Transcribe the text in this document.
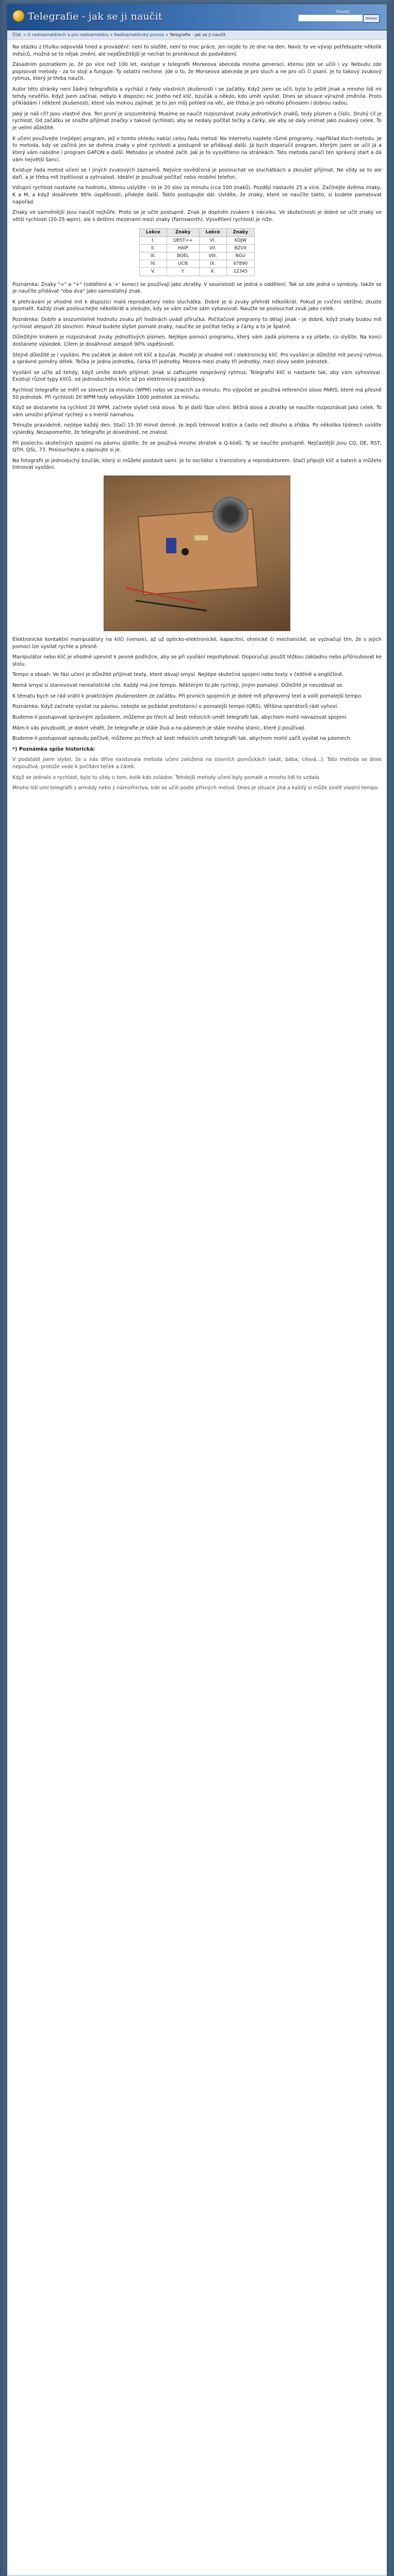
Telegrafie - jak se ji naučit	Hledat
Hledat
Číst: » O radioamatérech a pro radioamatéry » Radioamatérský provoz » Telegrafie - jak se ji naučit

Na otázku z titulku odpovídá hned a provádění: není to složité, není to moc práce, jen nejde to ze dne na den. Navíc to ve vývoji potřebujete několik měsíců, možná se to nějak změní, ale nejdůležitější je nechat to proniknout do podvědomí.

Zásadním poznatkem je, že po více než 100 let, existuje v telegrafii Morseova abeceda mnoha generací, kterou jste se učili i vy. Nebudu zde popisovat metody - za to stojí a funguje. Ty ostatní nechme. Jde o to, že Morseova abeceda je pro sluch a ne pro oči či psaní. Je to takový zvukový rytmus, který je třeba naučit.

Autor této stránky není žádný telegrafista a vychází z řady vlastních zkušeností i se začátky. Když jsem se učil, bylo to ještě jinak a mnoho lidí mi tehdy nevěřilo. Když jsem začínal, nebylo k dispozici nic jiného než klíč, bzučák a někdo, kdo uměl vysílat. Dnes se situace výrazně změnila. Proto přikládám i některé zkušenosti, které vás mohou zajímat. Je to jen můj pohled na věc, ale třeba je pro někoho přínosem i dobrou radou.

Jaký je náš cíl? Jsou vlastně dva. Ten první je srozumitelný. Musíme se naučit rozpoznávat zvuky jednotlivých znaků, tedy písmen a číslic. Druhý cíl je rychlost. Od začátku se snažte přijímat značky v takové rychlosti, aby se nedaly počítat tečky a čárky, ale aby se daly vnímat jako zvukový celek. To je velmi důležité.

K učení používejte (nejlépe) program, jež v tomto ohledu nabízí celou řadu metod. Na internetu najdete různé programy, například Koch-metodu. Je to metoda, kdy se začíná jen se dvěma znaky v plné rychlosti a postupně se přidávají další. Já bych doporučil program, kterým jsem se učil já a který vám nabídne i program G4FON a další. Metodou je vhodné začít. Jak je to vysvětleno na stránkách. Tato metoda zaručí ten správný start a dá vám největší šanci.

Existuje řada metod učení se i jiných zvukových záznamů. Nejvíce osvědčená je poslouchat ve sluchátkách a zkoušet přijímat. Ne vždy se to ale daří, a je třeba mít trpělivost a vytrvalost. Ideální je používat počítač nebo mobilní telefon.

Vstupní rychlost nastavte na hodnotu, kterou uslyšíte - to je 20 slov za minutu (cca 100 znaků). Později nastavte 25 a více. Začínejte dvěma znaky, K a M, a když dosáhnete 90% úspěšnosti, přidejte další. Takto postupujte dál. Uvidíte, že znaky, které se naučíte takto, si budete pamatovat napořád.

Znaky ve samotnější jsou naučit nejhůře. Proto se je učte postupně. Znak je doplněn zvukem k nácviku. Ve skutečnosti je dobré se učit znaky ve větší rychlosti (20-25 wpm), ale s delšími mezerami mezi znaky (Farnsworth). Vysvětlení rychlostí je níže.

Lekce	Znaky	Lekce	Znaky
I.	QRST=+	VI.	KDJW
II.	HAIP	VII.	BZVX
III.	BOEL	VIII.	NGU
IV.	UCN	IX.	67890
V.	Y.	X.	12345

Poznámka: Znaky "=" a "+" (oddělení a '+' konec) se používají jako zkratky. V souvislosti se jedná o oddělení. Tak se zde jedná o symboly, takže se je naučíte přidávat "oba dva" jako samostatný znak.

K přehrávání je vhodné mít k dispozici malá reproduktory nebo sluchátka. Dobré je si zvuky přehrát několikrát. Pokud je cvičení obtížné, zkuste zpomalit. Každý znak poslouchejte několikrát a sledujte, kdy se vám začne sám vybavovat. Naučte se poslouchat zvuk jako celek.

Poznámka: Dobře a srozumitelně hodnotu zvuku při hodinách uvádí příručka. Počítačové programy to dělají jinak - je dobré, když znaky budou mít rychlost alespoň 20 slov/min. Pokud budete slyšet pomalé znaky, naučíte se počítat tečky a čárky a to je špatně.

Důležitým krokem je rozpoznávat zvuky jednotlivých písmen. Nejlépe pomocí programu, který vám zadá písmena a vy píšete, co slyšíte. Na konci dostanete výsledek. Cílem je dosáhnout alespoň 90% úspěšnosti.

Stejně důležité je i vysílání. Pro začátek je dobré mít klíč a bzučák. Později je vhodné mít i elektronický klíč. Pro vysílání je důležité mít pevný rytmus a správné poměry délek. Tečka je jedna jednotka, čárka tři jednotky. Mezera mezi znaky tři jednotky, mezi slovy sedm jednotek.

Vysílání se učte až tehdy, když umíte dobře přijímat. Jinak si zafixujete nesprávný rytmus. Telegrafní klíč si nastavte tak, aby vám vyhovoval. Existují různé typy klíčů, od jednoduchého klíče až po elektronický pastičkový.

Rychlost telegrafie se měří ve slovech za minutu (WPM) nebo ve znacích za minutu. Pro výpočet se používá referenční slovo PARIS, které má přesně 50 jednotek. Při rychlosti 20 WPM tedy odvysíláte 1000 jednotek za minutu.

Když se dostanete na rychlost 20 WPM, začnete slyšet celá slova. To je další fáze učení. Běžná slova a zkratky se naučíte rozpoznávat jako celek. To vám umožní přijímat rychleji a s menší námahou.

Trénujte pravidelně, nejlépe každý den. Stačí 15-30 minut denně. Je lepší trénovat krátce a často než dlouho a zřídka. Po několika týdnech uvidíte výsledky. Nezapomeňte, že telegrafie je dovednost, ne znalost.

Při poslechu skutečných spojení na pásmu zjistíte, že se používá mnoho zkratek a Q-kódů. Ty se naučíte postupně. Nejčastější jsou CQ, DE, RST, QTH, QSL, 73. Poslouchejte a zapisujte si je.

Na fotografii je jednoduchý bzučák, který si můžete postavit sami. Je to oscilátor s tranzistory a reproduktorem. Stačí připojit klíč a baterii a můžete trénovat vysílání.

Elektronické kontaktní manipulátory na klíči (vensie), až už opticko-elektronické, kapacitní, ohmické či mechanické, se vyznačují tím, že s jejich pomocí lze vysílat rychle a přesně.

Manipulátor nebo klíč je vhodné upevnit k pevné podložce, aby se při vysílání nepohyboval. Doporučuji použít těžkou základnu nebo přišroubovat ke stolu.

Tempo a obsah: Ve fázi učení je důležité přijímat texty, které dávají smysl. Nejlépe skutečná spojení nebo texty v češtině a angličtině.

Nemá smysl si stanovovat nerealistické cíle. Každý má jiné tempo. Některým to jde rychleji, jiným pomaleji. Důležité je nevzdávat se.

K tématu bych se rád vrátil k praktickým zkušenostem ze začátku. Při prvních spojeních je dobré mít připravený text a volit pomalejší tempo.

Poznámka: Když začnete vysílat na pásmu, nebojte se požádat protistanici o pomalejší tempo (QRS). Většina operátorů rádi vyhoví.

Budeme-li postupovat správným způsobem, můžeme po třech až šesti měsících umět telegrafii tak, abychom mohli navazovat spojení.

Mám-li vás povzbudit, je dobré vědět, že telegrafie je stále živá a na pásmech je stále mnoho stanic, které ji používají.

Budeme-li postupovat opravdu pečlivě, můžeme po třech až šesti měsících umět telegrafii tak, abychom mohli začít vysílat na pásmech.

*) Poznámka spíše historická:

V podstatě jsem slyšel, že u nás dříve existovala metoda učení založená na slovních pomůckách (akát, bába, cílová...). Tato metoda se dnes nepoužívá, protože vede k počítání teček a čárek.

Když se jednalo o rychlost, bylo to vždy o tom, kolik kdo zvládne. Tehdejší metody učení byly pomalé a mnoho lidí to vzdalo.

Mnoho lidí umí telegrafii z armády nebo z námořnictva, kde se učili podle přísných metod. Dnes je situace jiná a každý si může zvolit vlastní tempo.
